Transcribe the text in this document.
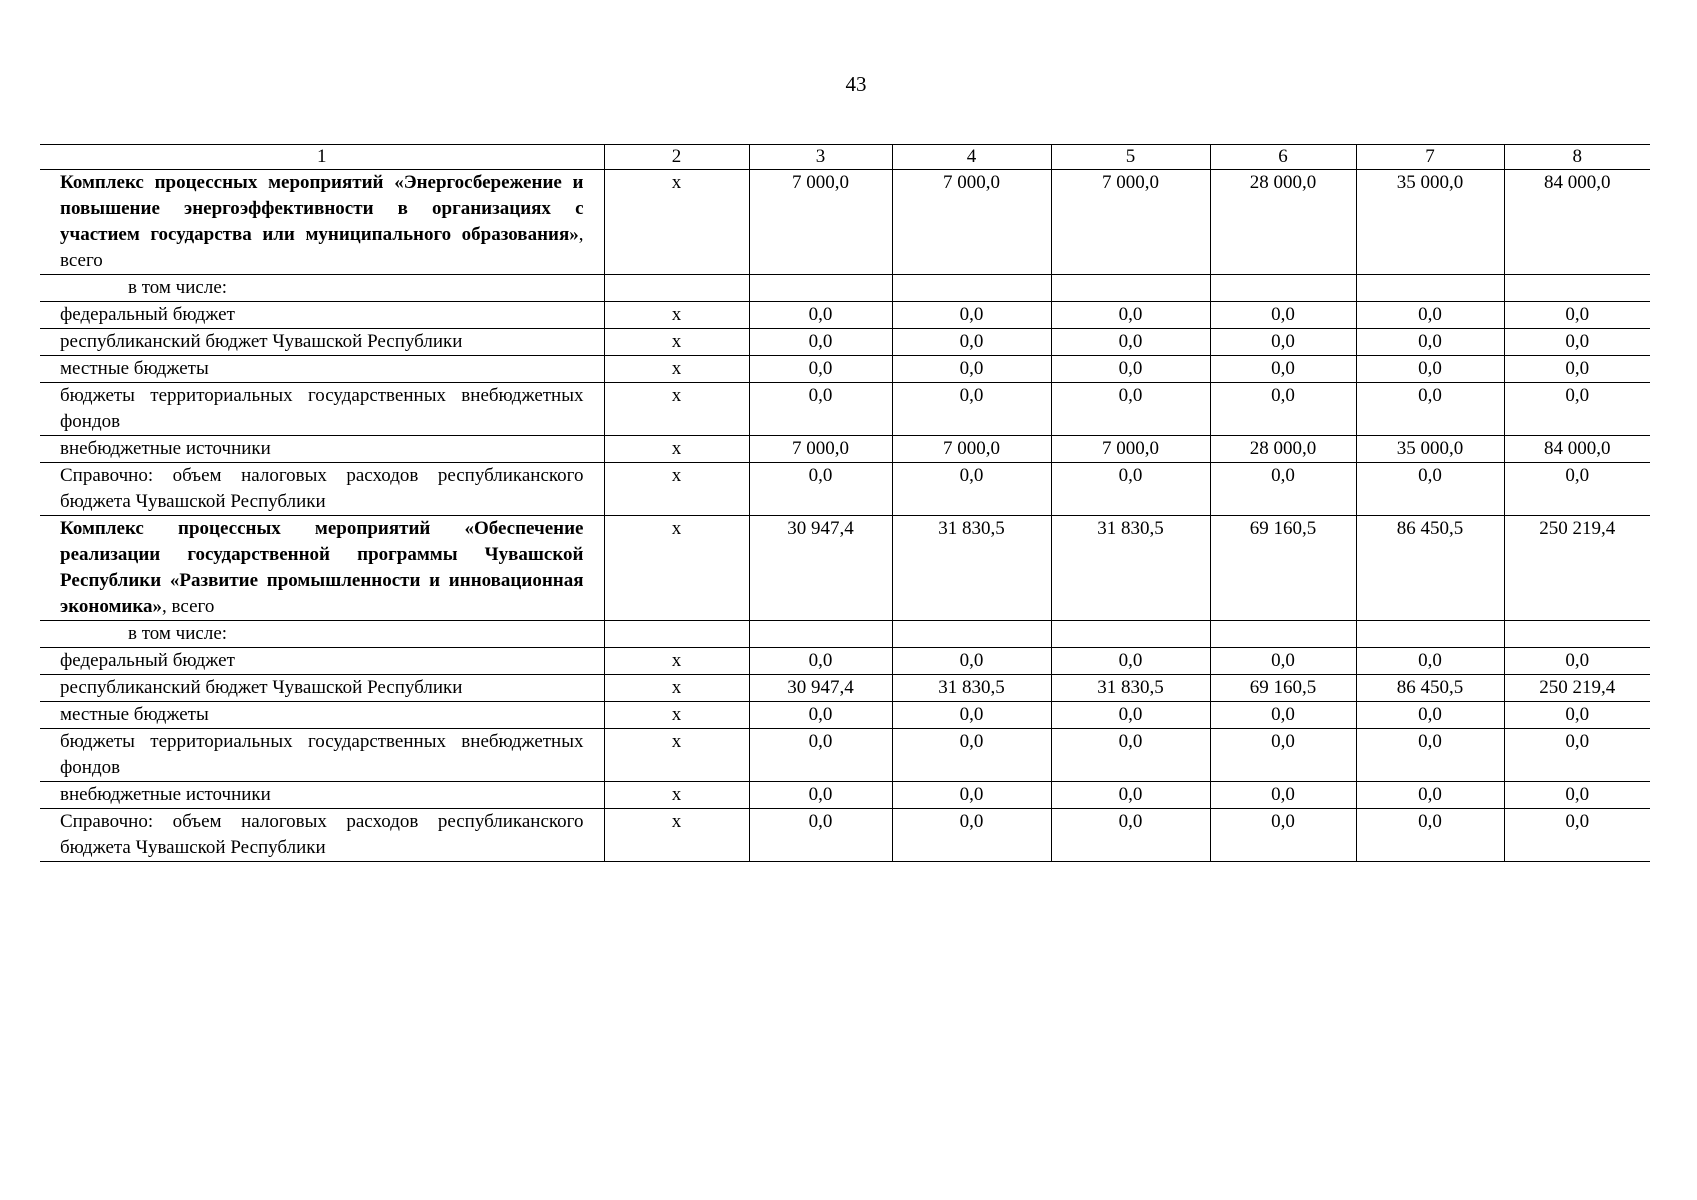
43
1	2	3	4	5	6	7	8
Комплекс процессных мероприятий «Энергосбережение и повышение энергоэффективности в организациях с участием государства или муниципального образования», всего	х	7 000,0	7 000,0	7 000,0	28 000,0	35 000,0	84 000,0
в том числе:							
федеральный бюджет	х	0,0	0,0	0,0	0,0	0,0	0,0
республиканский бюджет Чувашской Республики	х	0,0	0,0	0,0	0,0	0,0	0,0
местные бюджеты	х	0,0	0,0	0,0	0,0	0,0	0,0
бюджеты территориальных государственных внебюджетных фондов	х	0,0	0,0	0,0	0,0	0,0	0,0
внебюджетные источники	х	7 000,0	7 000,0	7 000,0	28 000,0	35 000,0	84 000,0
Справочно: объем налоговых расходов республиканского бюджета Чувашской Республики	х	0,0	0,0	0,0	0,0	0,0	0,0
Комплекс процессных мероприятий «Обеспечение реализации государственной программы Чувашской Республики «Развитие промышленности и инновационная экономика», всего	х	30 947,4	31 830,5	31 830,5	69 160,5	86 450,5	250 219,4
в том числе:							
федеральный бюджет	х	0,0	0,0	0,0	0,0	0,0	0,0
республиканский бюджет Чувашской Республики	х	30 947,4	31 830,5	31 830,5	69 160,5	86 450,5	250 219,4
местные бюджеты	х	0,0	0,0	0,0	0,0	0,0	0,0
бюджеты территориальных государственных внебюджетных фондов	х	0,0	0,0	0,0	0,0	0,0	0,0
внебюджетные источники	х	0,0	0,0	0,0	0,0	0,0	0,0
Справочно: объем налоговых расходов республиканского бюджета Чувашской Республики	х	0,0	0,0	0,0	0,0	0,0	0,0
